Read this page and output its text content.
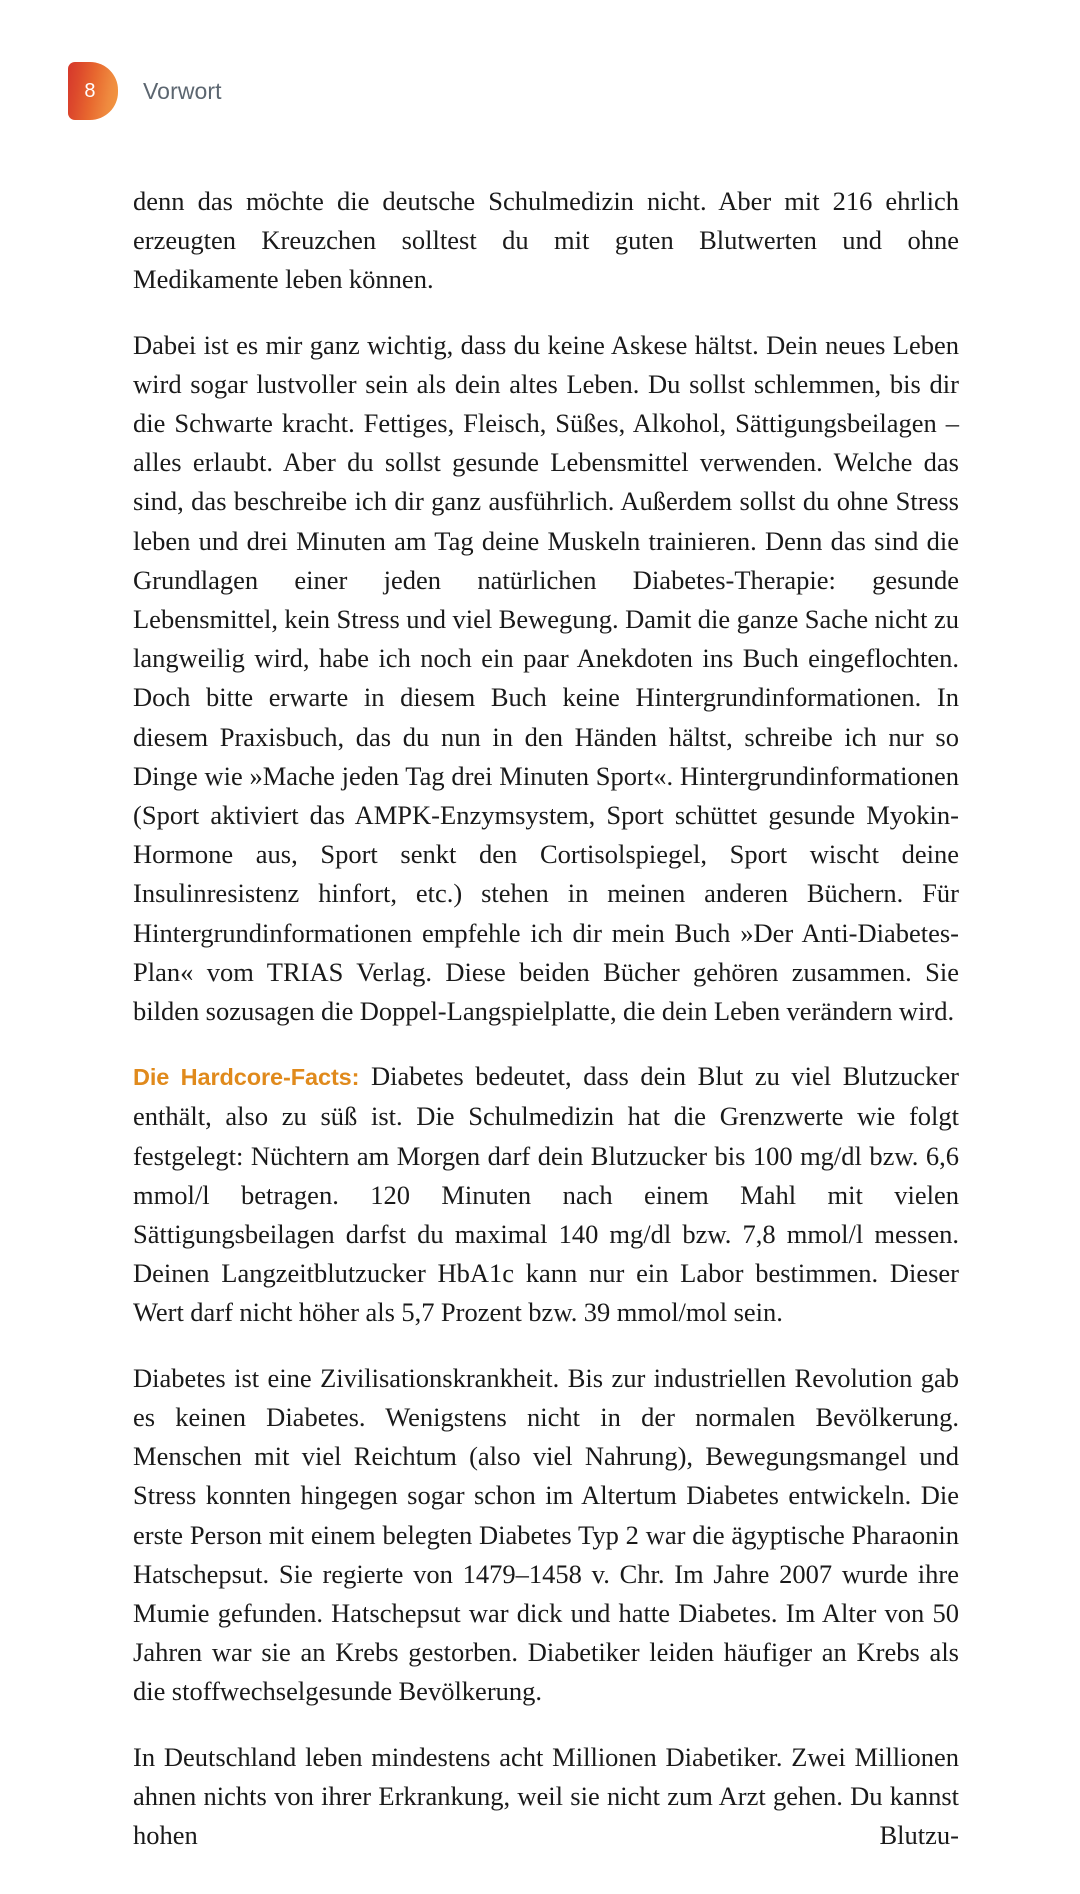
8 Vorwort

denn das möchte die deutsche Schulmedizin nicht. Aber mit 216 ehrlich erzeugten Kreuzchen solltest du mit guten Blutwerten und ohne Medikamente leben können.

Dabei ist es mir ganz wichtig, dass du keine Askese hältst. Dein neues Leben wird sogar lustvoller sein als dein altes Leben. Du sollst schlemmen, bis dir die Schwarte kracht. Fettiges, Fleisch, Süßes, Alkohol, Sättigungsbeilagen – alles erlaubt. Aber du sollst gesunde Lebensmittel verwenden. Welche das sind, das beschreibe ich dir ganz ausführlich. Außerdem sollst du ohne Stress leben und drei Minuten am Tag deine Muskeln trainieren. Denn das sind die Grundlagen einer jeden natürlichen Diabetes-Therapie: gesunde Lebensmittel, kein Stress und viel Bewegung. Damit die ganze Sache nicht zu langweilig wird, habe ich noch ein paar Anekdoten ins Buch eingeflochten. Doch bitte erwarte in diesem Buch keine Hintergrundinformationen. In diesem Praxisbuch, das du nun in den Händen hältst, schreibe ich nur so Dinge wie »Mache jeden Tag drei Minuten Sport«. Hintergrundinformationen (Sport aktiviert das AMPK-Enzymsystem, Sport schüttet gesunde Myokin-Hormone aus, Sport senkt den Cortisolspiegel, Sport wischt deine Insulinresistenz hinfort, etc.) stehen in meinen anderen Büchern. Für Hintergrundinformationen empfehle ich dir mein Buch »Der Anti-Diabetes-Plan« vom TRIAS Verlag. Diese beiden Bücher gehören zusammen. Sie bilden sozusagen die Doppel-Langspielplatte, die dein Leben verändern wird.

Die Hardcore-Facts: Diabetes bedeutet, dass dein Blut zu viel Blutzucker enthält, also zu süß ist. Die Schulmedizin hat die Grenzwerte wie folgt festgelegt: Nüchtern am Morgen darf dein Blutzucker bis 100 mg/dl bzw. 6,6 mmol/l betragen. 120 Minuten nach einem Mahl mit vielen Sättigungsbeilagen darfst du maximal 140 mg/dl bzw. 7,8 mmol/l messen. Deinen Langzeitblutzucker HbA1c kann nur ein Labor bestimmen. Dieser Wert darf nicht höher als 5,7 Prozent bzw. 39 mmol/mol sein.

Diabetes ist eine Zivilisationskrankheit. Bis zur industriellen Revolution gab es keinen Diabetes. Wenigstens nicht in der normalen Bevölkerung. Menschen mit viel Reichtum (also viel Nahrung), Bewegungsmangel und Stress konnten hingegen sogar schon im Altertum Diabetes entwickeln. Die erste Person mit einem belegten Diabetes Typ 2 war die ägyptische Pharaonin Hatschepsut. Sie regierte von 1479–1458 v. Chr. Im Jahre 2007 wurde ihre Mumie gefunden. Hatschepsut war dick und hatte Diabetes. Im Alter von 50 Jahren war sie an Krebs gestorben. Diabetiker leiden häufiger an Krebs als die stoffwechselgesunde Bevölkerung.

In Deutschland leben mindestens acht Millionen Diabetiker. Zwei Millionen ahnen nichts von ihrer Erkrankung, weil sie nicht zum Arzt gehen. Du kannst hohen Blutzu-
